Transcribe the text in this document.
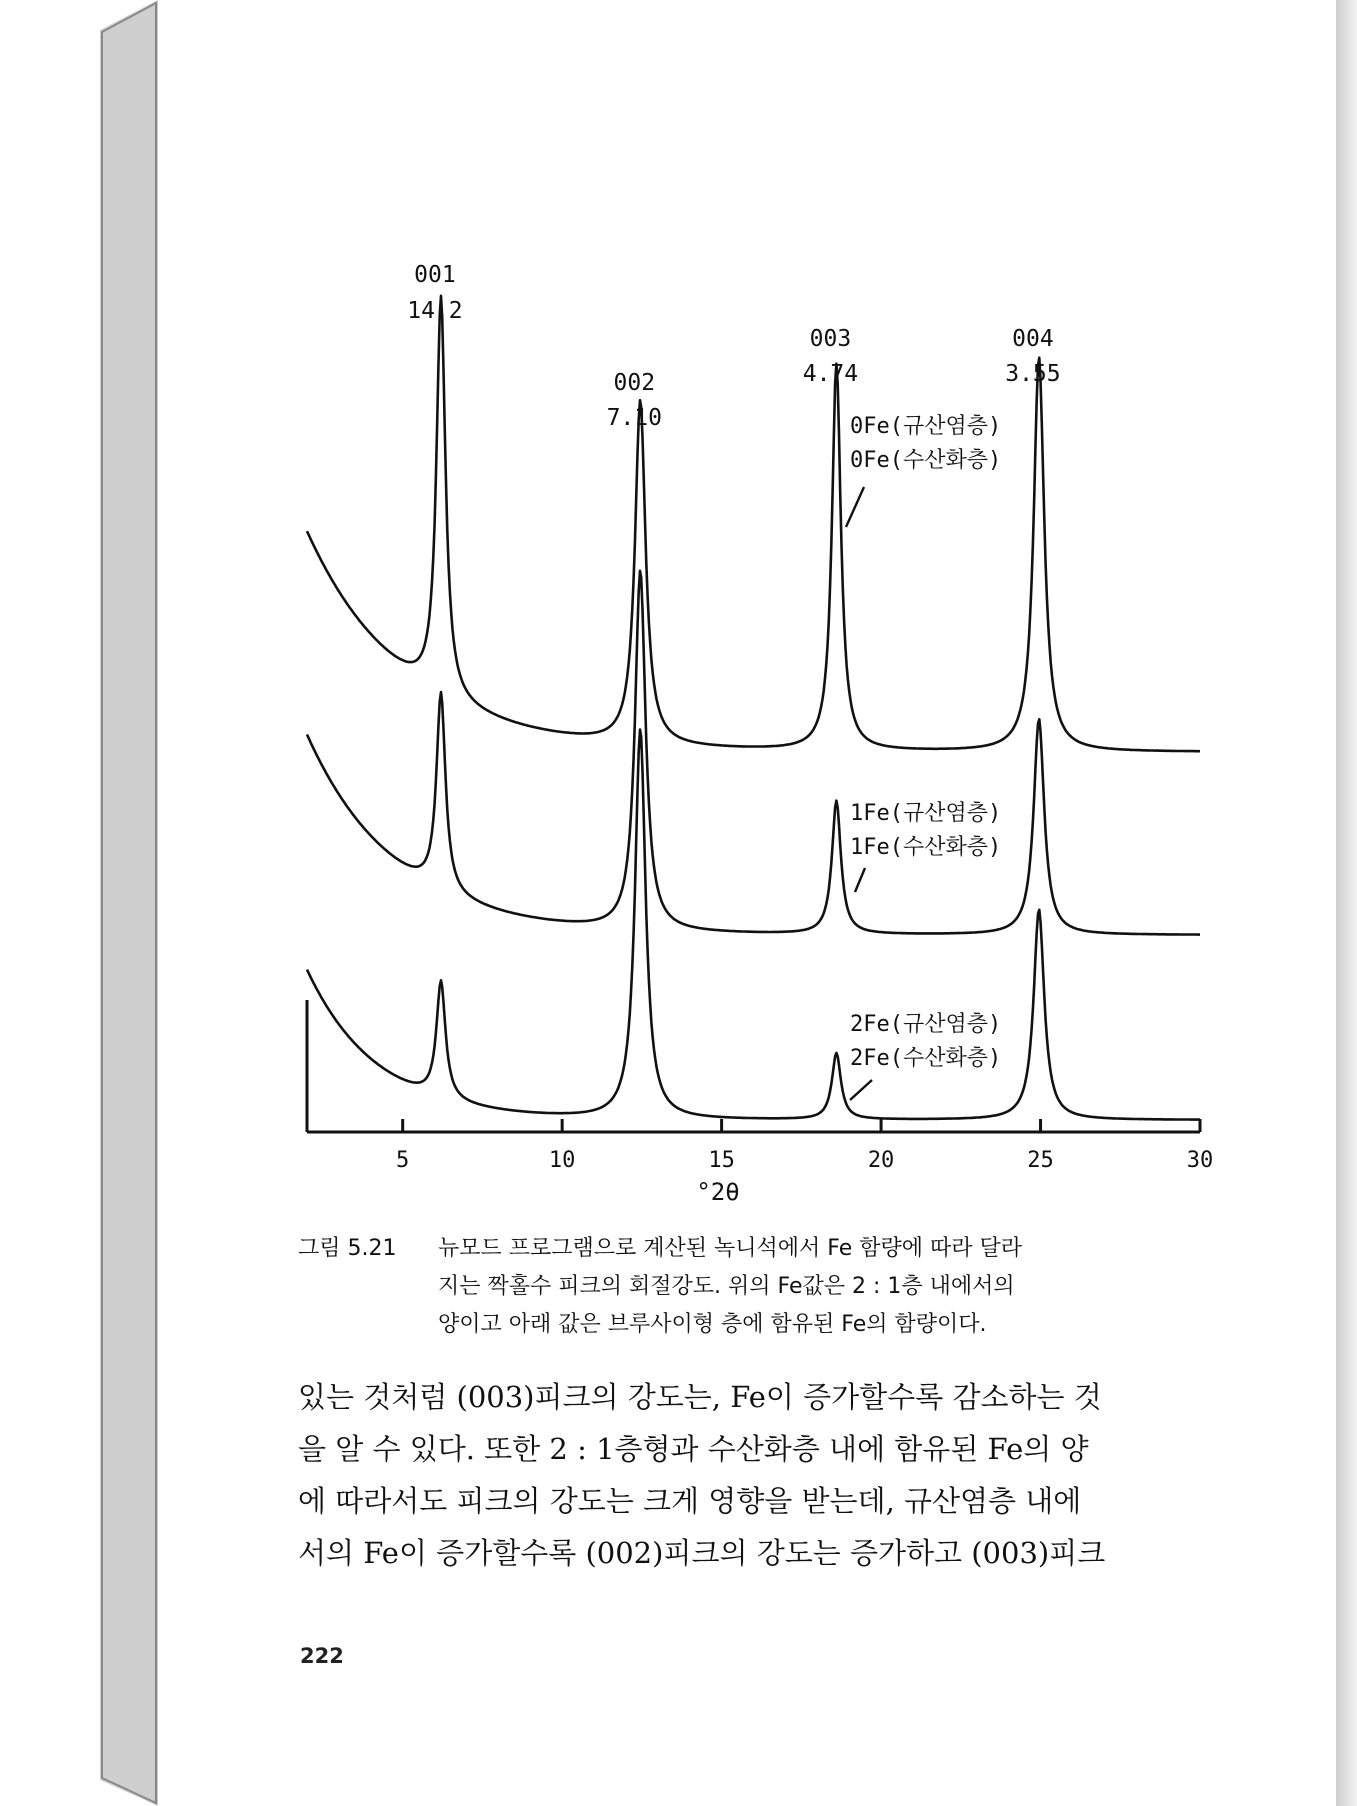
5	10	15	20	25	30
°2θ
001
14.2
002
7.10
003
4.74
004
3.55
0Fe(규산염층)
0Fe(수산화층)
1Fe(규산염층)
1Fe(수산화층)
2Fe(규산염층)
2Fe(수산화층)
그림 5.21	뉴모드 프로그램으로 계산된 녹니석에서 Fe 함량에 따라 달라
지는 짝홀수 피크의 회절강도. 위의 Fe값은 2 : 1층 내에서의
양이고 아래 값은 브루사이형 층에 함유된 Fe의 함량이다.
있는 것처럼 (003)피크의 강도는, Fe이 증가할수록 감소하는 것
을 알 수 있다. 또한 2 : 1층형과 수산화층 내에 함유된 Fe의 양
에 따라서도 피크의 강도는 크게 영향을 받는데, 규산염층 내에
서의 Fe이 증가할수록 (002)피크의 강도는 증가하고 (003)피크
222
